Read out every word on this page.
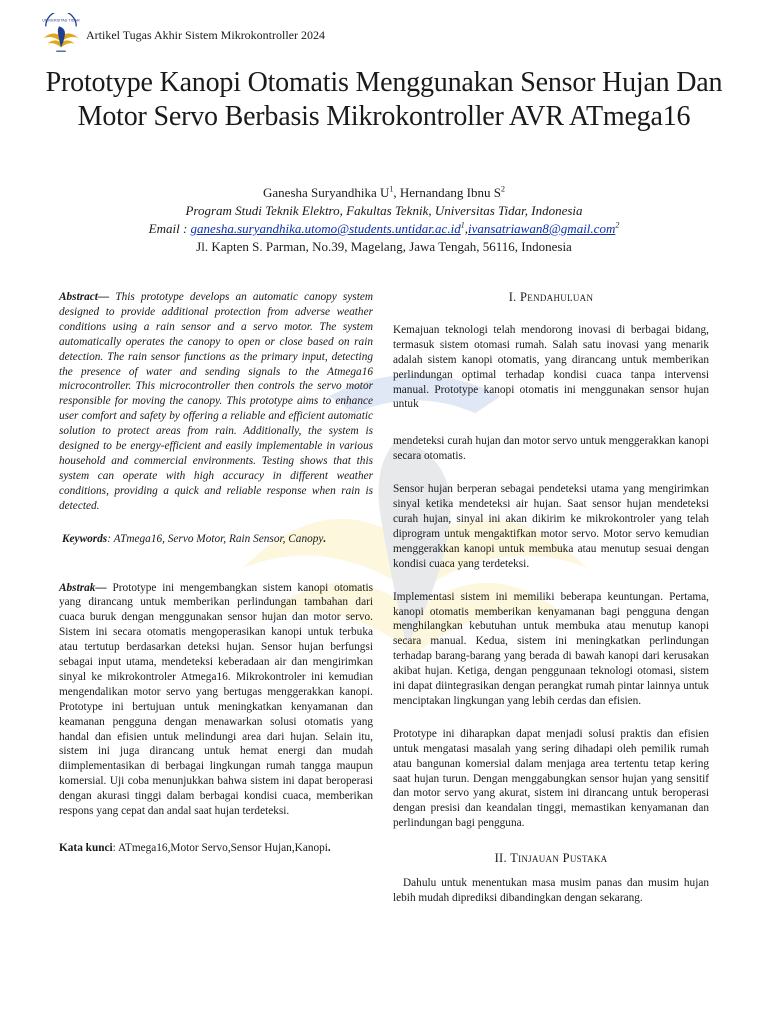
UNIVERSITAS TIDAR
Artikel Tugas Akhir Sistem Mikrokontroller 2024
Prototype Kanopi Otomatis Menggunakan Sensor Hujan Dan Motor Servo Berbasis Mikrokontroller AVR ATmega16
Ganesha Suryandhika $U^1$, Hernandang Ibnu $S^2$
Program Studi Teknik Elektro, Fakultas Teknik, Universitas Tidar, Indonesia
Email : $ganesha.suryandhika.utomo@students.untidar.ac.id^1,ivansatriawan8@gmail.com^2$
Jl. Kapten S. Parman, No.39, Magelang, Jawa Tengah, 56116, Indonesia

Abstract— This prototype develops an automatic canopy system designed to provide additional protection from adverse weather conditions using a rain sensor and a servo motor. The system automatically operates the canopy to open or close based on rain detection. The rain sensor functions as the primary input, detecting the presence of water and sending signals to the Atmega16 microcontroller. This microcontroller then controls the servo motor responsible for moving the canopy. This prototype aims to enhance user comfort and safety by offering a reliable and efficient automatic solution to protect areas from rain. Additionally, the system is designed to be energy-efficient and easily implementable in various household and commercial environments. Testing shows that this system can operate with high accuracy in different weather conditions, providing a quick and reliable response when rain is detected.

Keywords: ATmega16, Servo Motor, Rain Sensor, Canopy.

Abstrak— Prototype ini mengembangkan sistem kanopi otomatis yang dirancang untuk memberikan perlindungan tambahan dari cuaca buruk dengan menggunakan sensor hujan dan motor servo. Sistem ini secara otomatis mengoperasikan kanopi untuk terbuka atau tertutup berdasarkan deteksi hujan. Sensor hujan berfungsi sebagai input utama, mendeteksi keberadaan air dan mengirimkan sinyal ke mikrokontroler Atmega16. Mikrokontroler ini kemudian mengendalikan motor servo yang bertugas menggerakkan kanopi. Prototype ini bertujuan untuk meningkatkan kenyamanan dan keamanan pengguna dengan menawarkan solusi otomatis yang handal dan efisien untuk melindungi area dari hujan. Selain itu, sistem ini juga dirancang untuk hemat energi dan mudah diimplementasikan di berbagai lingkungan rumah tangga maupun komersial. Uji coba menunjukkan bahwa sistem ini dapat beroperasi dengan akurasi tinggi dalam berbagai kondisi cuaca, memberikan respons yang cepat dan andal saat hujan terdeteksi.

Kata kunci: ATmega16,Motor Servo,Sensor Hujan,Kanopi.

I. Pendahuluan

Kemajuan teknologi telah mendorong inovasi di berbagai bidang, termasuk sistem otomasi rumah. Salah satu inovasi yang menarik adalah sistem kanopi otomatis, yang dirancang untuk memberikan perlindungan optimal terhadap kondisi cuaca tanpa intervensi manual. Prototype kanopi otomatis ini menggunakan sensor hujan untuk

mendeteksi curah hujan dan motor servo untuk menggerakkan kanopi secara otomatis.

Sensor hujan berperan sebagai pendeteksi utama yang mengirimkan sinyal ketika mendeteksi air hujan. Saat sensor hujan mendeteksi curah hujan, sinyal ini akan dikirim ke mikrokontroler yang telah diprogram untuk mengaktifkan motor servo. Motor servo kemudian menggerakkan kanopi untuk membuka atau menutup sesuai dengan kondisi cuaca yang terdeteksi.

Implementasi sistem ini memiliki beberapa keuntungan. Pertama, kanopi otomatis memberikan kenyamanan bagi pengguna dengan menghilangkan kebutuhan untuk membuka atau menutup kanopi secara manual. Kedua, sistem ini meningkatkan perlindungan terhadap barang-barang yang berada di bawah kanopi dari kerusakan akibat hujan. Ketiga, dengan penggunaan teknologi otomasi, sistem ini dapat diintegrasikan dengan perangkat rumah pintar lainnya untuk menciptakan lingkungan yang lebih cerdas dan efisien.

Prototype ini diharapkan dapat menjadi solusi praktis dan efisien untuk mengatasi masalah yang sering dihadapi oleh pemilik rumah atau bangunan komersial dalam menjaga area tertentu tetap kering saat hujan turun. Dengan menggabungkan sensor hujan yang sensitif dan motor servo yang akurat, sistem ini dirancang untuk beroperasi dengan presisi dan keandalan tinggi, memastikan kenyamanan dan perlindungan bagi pengguna.

II. Tinjauan Pustaka

Dahulu untuk menentukan masa musim panas dan musim hujan lebih mudah diprediksi dibandingkan dengan sekarang.
